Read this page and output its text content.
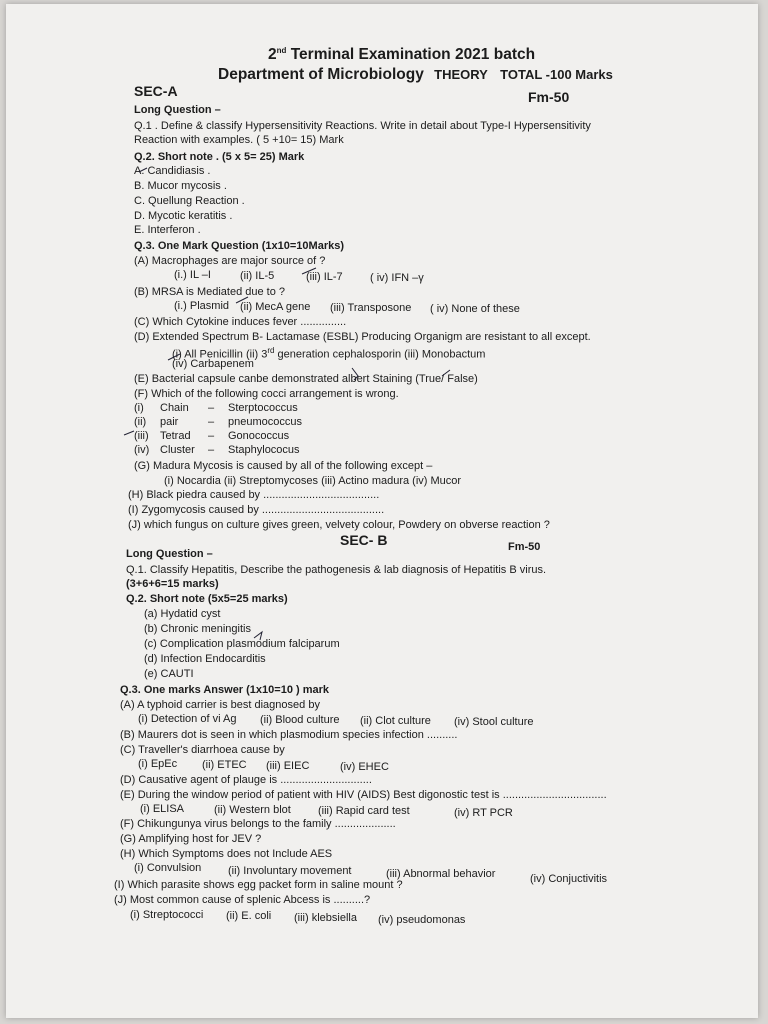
2nd Terminal Examination 2021 batch
Department of Microbiology THEORY TOTAL -100 Marks
SEC-A	Fm-50
Long Question –
Q.1 . Define & classify Hypersensitivity Reactions. Write in detail about Type-I Hypersensitivity
Reaction with examples. ( 5 +10= 15) Mark
Q.2. Short note . (5 x 5= 25) Mark
A. Candidiasis .
B. Mucor mycosis .
C. Quellung Reaction .
D. Mycotic keratitis .
E. Interferon .
Q.3. One Mark Question (1x10=10Marks)
(A) Macrophages are major source of ?
(i.) IL –I	(ii) IL-5	(iii) IL-7 ( iv) IFN –γ
(B) MRSA is Mediated due to ?
(i.) Plasmid (ii) MecA gene (iii) Transposone ( iv) None of these
(C) Which Cytokine induces fever ...............
(D) Extended Spectrum B- Lactamase (ESBL) Producing Organigm are resistant to all except.
(i) All Penicillin (ii) 3rd generation cephalosporin (iii) Monobactum
(iv) Carbapenem
(E) Bacterial capsule canbe demonstrated albert Staining (True/ False)
(F) Which of the following cocci arrangement is wrong.
(i) Chain – Sterptococcus
(ii) pair	– pneumococcus
(iii) Tetrad – Gonococcus
(iv) Cluster – Staphylococus
(G) Madura Mycosis is caused by all of the following except –
(i) Nocardia (ii) Streptomycoses (iii) Actino madura (iv) Mucor
(H) Black piedra caused by ......................................
(I) Zygomycosis caused by ........................................
(J) which fungus on culture gives green, velvety colour, Powdery on obverse reaction ?
SEC- B	Fm-50
Long Question –
Q.1. Classify Hepatitis, Describe the pathogenesis & lab diagnosis of Hepatitis B virus.
(3+6+6=15 marks)
Q.2. Short note (5x5=25 marks)
(a) Hydatid cyst
(b) Chronic meningitis
(c) Complication plasmodium falciparum
(d) Infection Endocarditis
(e) CAUTI
Q.3. One marks Answer (1x10=10 ) mark
(A) A typhoid carrier is best diagnosed by
(i) Detection of vi Ag (ii) Blood culture (ii) Clot culture (iv) Stool culture
(B) Maurers dot is seen in which plasmodium species infection ..........
(C) Traveller's diarrhoea cause by
(i) EpEc (ii) ETEC (iii) EIEC	(iv) EHEC
(D) Causative agent of plauge is ..............................
(E) During the window period of patient with HIV (AIDS) Best digonostic test is ..................................
(i) ELISA	(ii) Western blot (iii) Rapid card test	(iv) RT PCR
(F) Chikungunya virus belongs to the family ....................
(G) Amplifying host for JEV ?
(H) Which Symptoms does not Include AES
(i) Convulsion (ii) Involuntary movement	(iii) Abnormal behavior	(iv) Conjuctivitis
(I) Which parasite shows egg packet form in saline mount ?
(J) Most common cause of splenic Abcess is ..........?
(i) Streptococci (ii) E. coli (iii) klebsiella (iv) pseudomonas
